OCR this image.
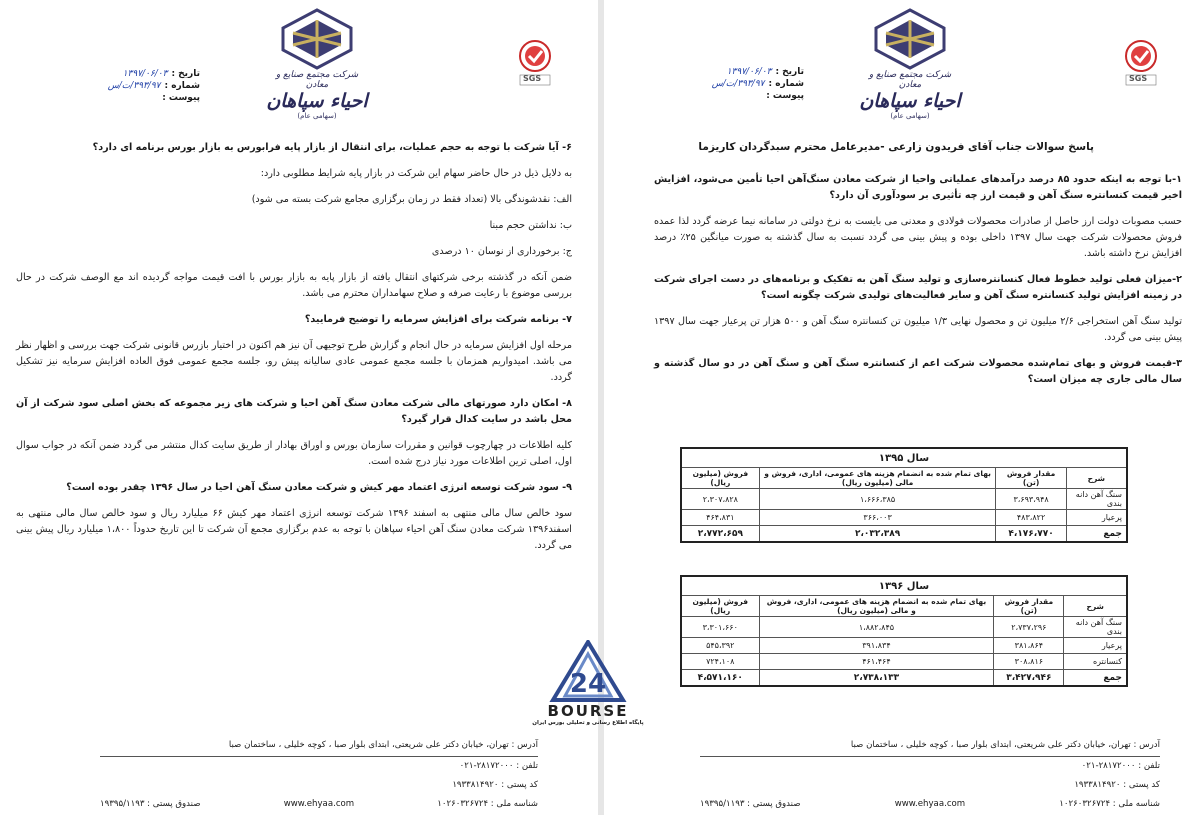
شرکت مجتمع صنایع و معادن
احیاء سپاهان
(سهامی عام)
SGS
تاریخ :۱۳۹۷/۰۶/۰۳
شماره :۳۹۳/۹۷/ت/س
پیوست :

۶- آیا شرکت با توجه به حجم عملیات، برای انتقال از بازار پایه فرابورس به بازار بورس برنامه ای دارد؟

به دلایل ذیل در حال حاضر سهام این شرکت در بازار پایه شرایط مطلوبی دارد:

الف: نقدشوندگی بالا (تعداد فقط در زمان برگزاری مجامع شرکت بسته می شود)

ب: نداشتن حجم مبنا

ج: برخورداری از نوسان ۱۰ درصدی

ضمن آنکه در گذشته برخی شرکتهای انتقال یافته از بازار پایه به بازار بورس با افت قیمت مواجه گردیده اند مع الوصف شرکت در حال بررسی موضوع با رعایت صرفه و صلاح سهامداران محترم می باشد.

۷- برنامه شرکت برای افزایش سرمایه را توضیح فرمایید؟

مرحله اول افزایش سرمایه در حال انجام و گزارش طرح توجیهی آن نیز هم اکنون در اختیار بازرس قانونی شرکت جهت بررسی و اظهار نظر می باشد. امیدواریم همزمان با جلسه مجمع عمومی عادی سالیانه پیش رو، جلسه مجمع عمومی فوق العاده افزایش سرمایه نیز تشکیل گردد.

۸- امکان دارد صورتهای مالی شرکت معادن سنگ آهن احیا و شرکت های زیر مجموعه که بخش اصلی سود شرکت از آن محل باشد در سایت کدال قرار گیرد؟

کلیه اطلاعات در چهارچوب قوانین و مقررات سازمان بورس و اوراق بهادار از طریق سایت کدال منتشر می گردد ضمن آنکه در جواب سوال اول، اصلی ترین اطلاعات مورد نیاز درج شده است.

۹- سود شرکت توسعه انرژی اعتماد مهر کیش و شرکت معادن سنگ آهن احیا در سال ۱۳۹۶ چقدر بوده است؟

سود خالص سال مالی منتهی به اسفند ۱۳۹۶ شرکت توسعه انرژی اعتماد مهر کیش ۶۶ میلیارد ریال و سود خالص سال مالی منتهی به اسفند۱۳۹۶ شرکت معادن سنگ آهن احیاء سپاهان با توجه به عدم برگزاری مجمع آن شرکت تا این تاریخ حدوداً ۱،۸۰۰ میلیارد ریال پیش بینی می گردد.

آدرس : تهران، خیابان دکتر علی شریعتی، ابتدای بلوار صبا ، کوچه خلیلی ، ساختمان صبا
تلفن : ۲۸۱۷۲۰۰۰-۰۲۱
کد پستی : ۱۹۳۳۸۱۴۹۲۰
شناسه ملی : ۱۰۲۶۰۳۲۶۷۲۴
www.ehyaa.com
صندوق پستی : ۱۹۳۹۵/۱۱۹۳
شرکت مجتمع صنایع و معادن
احیاء سپاهان
(سهامی عام)
SGS
تاریخ :۱۳۹۷/۰۶/۰۳
شماره :۳۹۳/۹۷/ت/س
پیوست :
پاسخ سوالات جناب آقای فریدون زارعی -مدیرعامل محترم سبدگردان کاریزما

۱-با توجه به اینکه حدود ۸۵ درصد درآمدهای عملیاتی واحیا از شرکت معادن سنگ‌آهن احیا تأمین می‌شود، افزایش اخیر قیمت کنسانتره سنگ آهن و قیمت ارز چه تأثیری بر سودآوری آن دارد؟

حسب مصوبات دولت ارز حاصل از صادرات محصولات فولادی و معدنی می بایست به نرخ دولتی در سامانه نیما عرضه گردد لذا عمده فروش محصولات شرکت جهت سال ۱۳۹۷ داخلی بوده و پیش بینی می گردد نسبت به سال گذشته به صورت میانگین ۲۵٪ درصد افزایش نرخ داشته باشد.

۲-میزان فعلی تولید خطوط فعال کنسانتره‌سازی و تولید سنگ آهن به تفکیک و برنامه‌های در دست اجرای شرکت در زمینه افزایش تولید کنسانتره سنگ آهن و سایر فعالیت‌های تولیدی شرکت چگونه است؟

تولید سنگ آهن استخراجی ۲/۶ میلیون تن و محصول نهایی ۱/۳ میلیون تن کنسانتره سنگ آهن و ۵۰۰ هزار تن پرعیار جهت سال ۱۳۹۷ پیش بینی می گردد.

۳-قیمت فروش و بهای تمام‌شده محصولات شرکت اعم از کنسانتره سنگ آهن و سنگ آهن در دو سال گذشته و سال مالی جاری چه میزان است؟

سال ۱۳۹۵			
شرح	مقدار فروش (تن)	بهای تمام شده به انضمام هزینه های عمومی، اداری، فروش و مالی (میلیون ریال)	فروش (میلیون ریال)
سنگ آهن دانه بندی	۳،۶۹۳،۹۴۸	۱،۶۶۶،۳۸۵	۲،۳۰۷،۸۲۸
پرعیار	۴۸۳،۸۲۲	۳۶۶،۰۰۳	۴۶۴،۸۳۱
جمع	۴،۱۷۶،۷۷۰	۲،۰۳۲،۳۸۹	۲،۷۷۲،۶۵۹
سال ۱۳۹۶			
شرح	مقدار فروش (تن)	بهای تمام شده به انضمام هزینه های عمومی، اداری، فروش و مالی (میلیون ریال)	فروش (میلیون ریال)
سنگ آهن دانه بندی	۲،۷۳۷،۲۹۶	۱،۸۸۲،۸۴۵	۳،۳۰۱،۶۶۰
پرعیار	۳۸۱،۸۶۴	۳۹۱،۸۳۴	۵۴۵،۳۹۲
کنسانتره	۳۰۸،۸۱۶	۴۶۱،۴۶۴	۷۲۴،۱۰۸
جمع	۳،۴۲۷،۹۴۶	۲،۷۳۸،۱۳۳	۴،۵۷۱،۱۶۰
آدرس : تهران، خیابان دکتر علی شریعتی، ابتدای بلوار صبا ، کوچه خلیلی ، ساختمان صبا
تلفن : ۲۸۱۷۲۰۰۰-۰۲۱
کد پستی : ۱۹۳۳۸۱۴۹۲۰
شناسه ملی : ۱۰۲۶۰۳۲۶۷۲۴
www.ehyaa.com
صندوق پستی : ۱۹۳۹۵/۱۱۹۳
24
BOURSE
پایگاه اطلاع رسانی و تحلیلی بورس ایران
